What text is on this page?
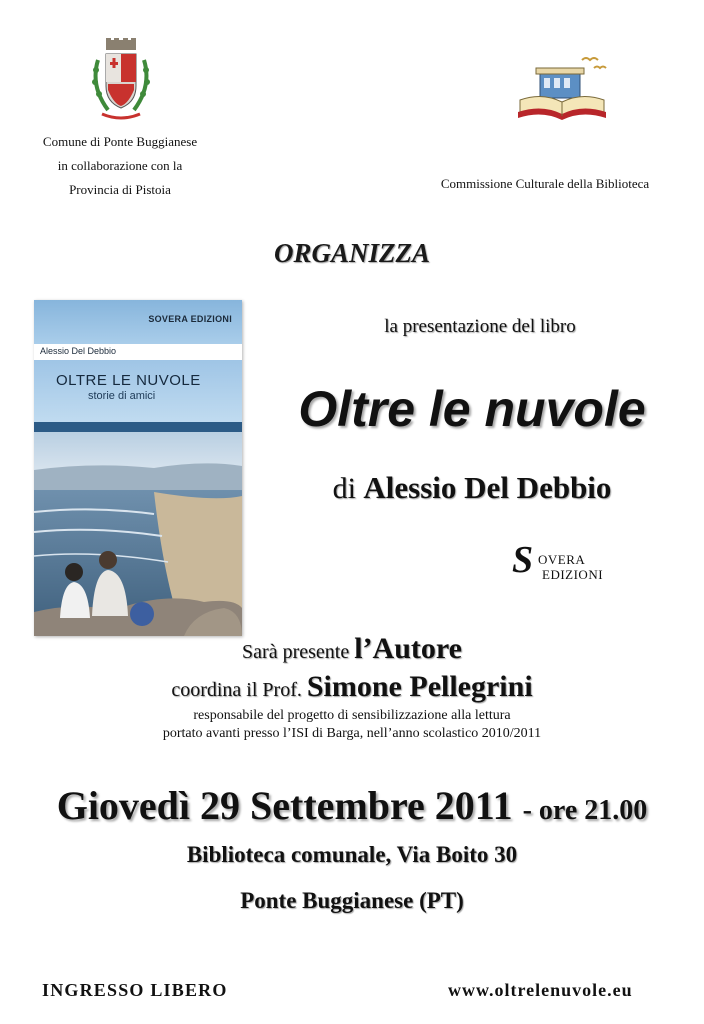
Comune di Ponte Buggianese
in collaborazione con la
Provincia di Pistoia	Commissione Culturale della Biblioteca
ORGANIZZA
SOVERA EDIZIONI
Alessio Del Debbio
OLTRE LE NUVOLE
storie di amici
la presentazione del libro
Oltre le nuvole
di Alessio Del Debbio
S OVERA
EDIZIONI
Sarà presente l’Autore
coordina il Prof. Simone Pellegrini
responsabile del progetto di sensibilizzazione alla lettura
portato avanti presso l’ISI di Barga, nell’anno scolastico 2010/2011
Giovedì 29 Settembre 2011 - ore 21.00
Biblioteca comunale, Via Boito 30
Ponte Buggianese (PT)
INGRESSO LIBERO	www.oltrelenuvole.eu
